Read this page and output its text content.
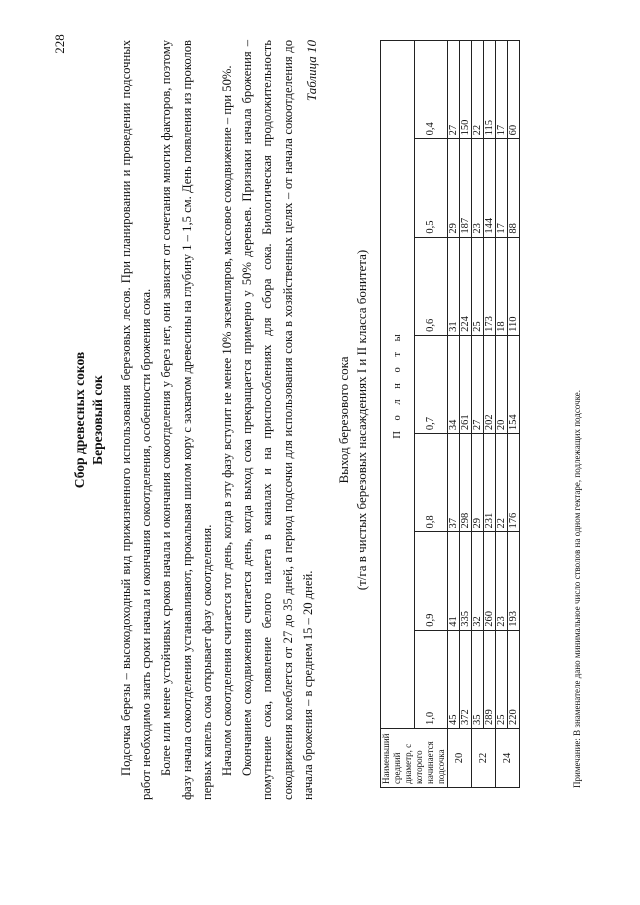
228
Сбор древесных соков Березовый сок Подсочка березы – высокодоходный вид прижизненного использования березовых лесов. При планировании и проведении подсочных работ необходимо знать сроки начала и окончания сокоотделения, особенности брожения сока. Более или менее устойчивых сроков начала и окончания сокоотделения у берез нет, они зависят от сочетания многих факторов, поэтому фазу начала сокоотделения устанавливают, прокалывая шилом кору с захватом древесины на глубину 1 – 1,5 см. День появления из проколов первых капель сока открывает фазу сокоотделения. Началом сокоотделения считается тот день, когда в эту фазу вступит не менее 10% экземпляров, массовое сокодвижение – при 50%. Окончанием сокодвижения считается день, когда выход сока прекращается примерно у 50% деревьев. Признаки начала брожения – помутнение сока, появление белого налета в каналах и на приспособлениях для сбора сока. Биологическая продолжительность сокодвижения колеблется от 27 до 35 дней, а период подсочки для использования сока в хозяйственных целях – от начала сокоотделения до начала брожения – в среднем 15 – 20 дней.

Таблица 10
Выход березового сока (т/га в чистых березовых насаждениях I и II класса бонитета)
Наименьший средний диаметр, с которого начинается подсочка	П о л н о т ы						
	1,0	0,9	0,8	0,7	0,6	0,5	0,4
20	45	41	37	34	31	29	27
	372	335	298	261	224	187	150
22	35	32	29	27	25	23	22
	289	260	231	202	173	144	115
24	25	23	22	20	18	17	17
	220	193	176	154	110	88	60
Примечание: В знаменателе дано минимальное число стволов на одном гектаре, подлежащих подсочке.
